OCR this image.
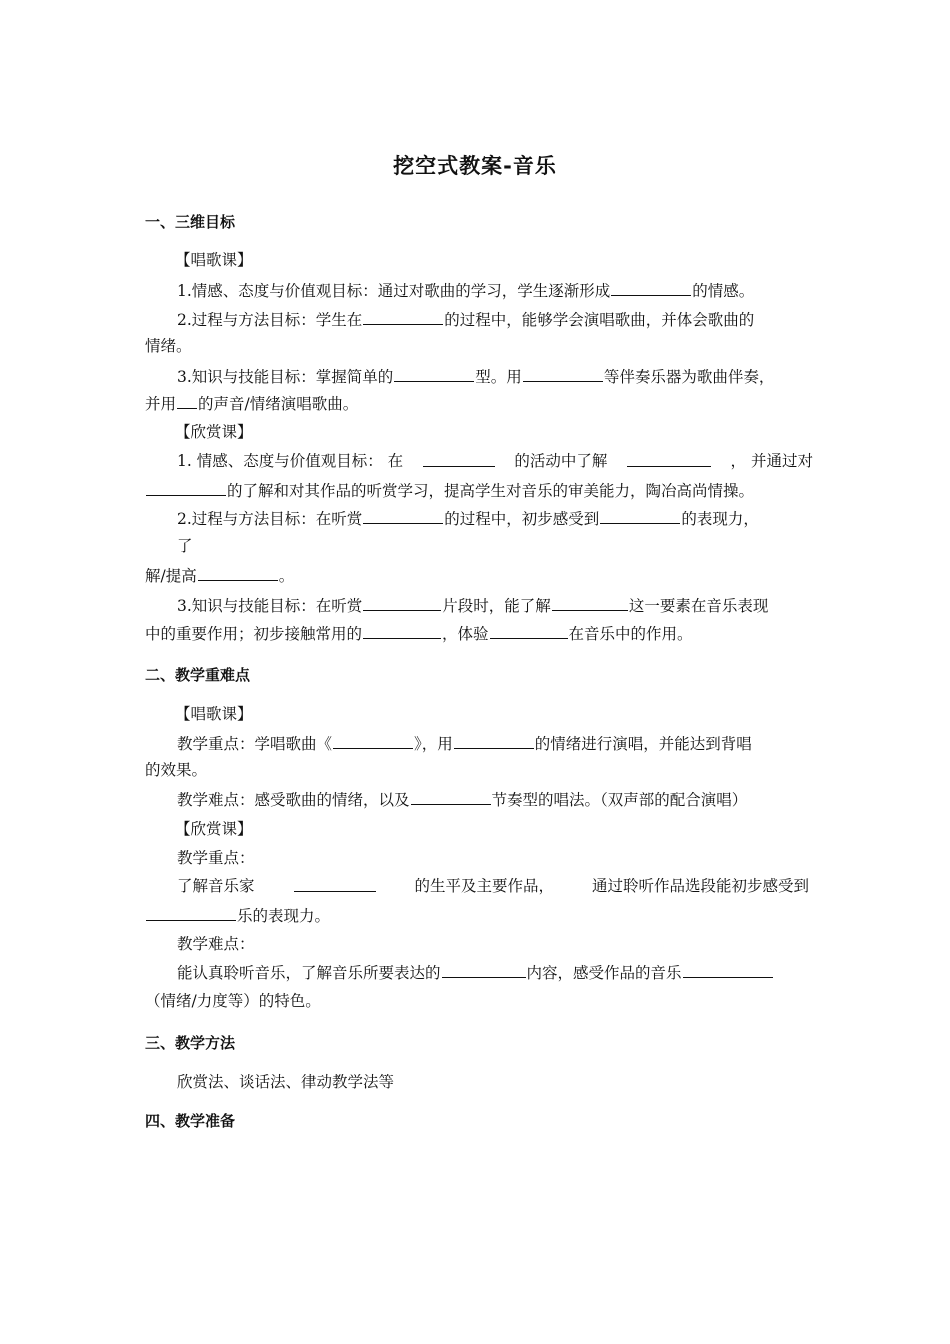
挖空式教案-音乐
一、三维目标
【唱歌课】
1.情感、态度与价值观目标：通过对歌曲的学习，学生逐渐形成	的情感。
2.过程与方法目标：学生在	的过程中，能够学会演唱歌曲，并体会歌曲的
情绪。
3.知识与技能目标：掌握简单的	型。用	等伴奏乐器为歌曲伴奏，
并用 的声音/情绪演唱歌曲。
【欣赏课】
1. 情感、态度与价值观目标： 在	的活动中了解	， 并通过对
的了解和对其作品的听赏学习，提高学生对音乐的审美能力，陶冶高尚情操。
2.过程与方法目标：在听赏	的过程中，初步感受到	的表现力，
了
解/提高	。
3.知识与技能目标：在听赏	片段时，能了解	这一要素在音乐表现
中的重要作用；初步接触常用的	，体验	在音乐中的作用。
二、教学重难点
【唱歌课】
教学重点：学唱歌曲《	》，用	的情绪进行演唱，并能达到背唱
的效果。
教学难点：感受歌曲的情绪，以及	节奏型的唱法。（双声部的配合演唱）
【欣赏课】
教学重点：
了解音乐家	的生平及主要作品， 通过聆听作品选段能初步感受到
乐的表现力。
教学难点：
能认真聆听音乐，了解音乐所要表达的	内容，感受作品的音乐
（情绪/力度等）的特色。
三、教学方法
欣赏法、谈话法、律动教学法等
四、教学准备
